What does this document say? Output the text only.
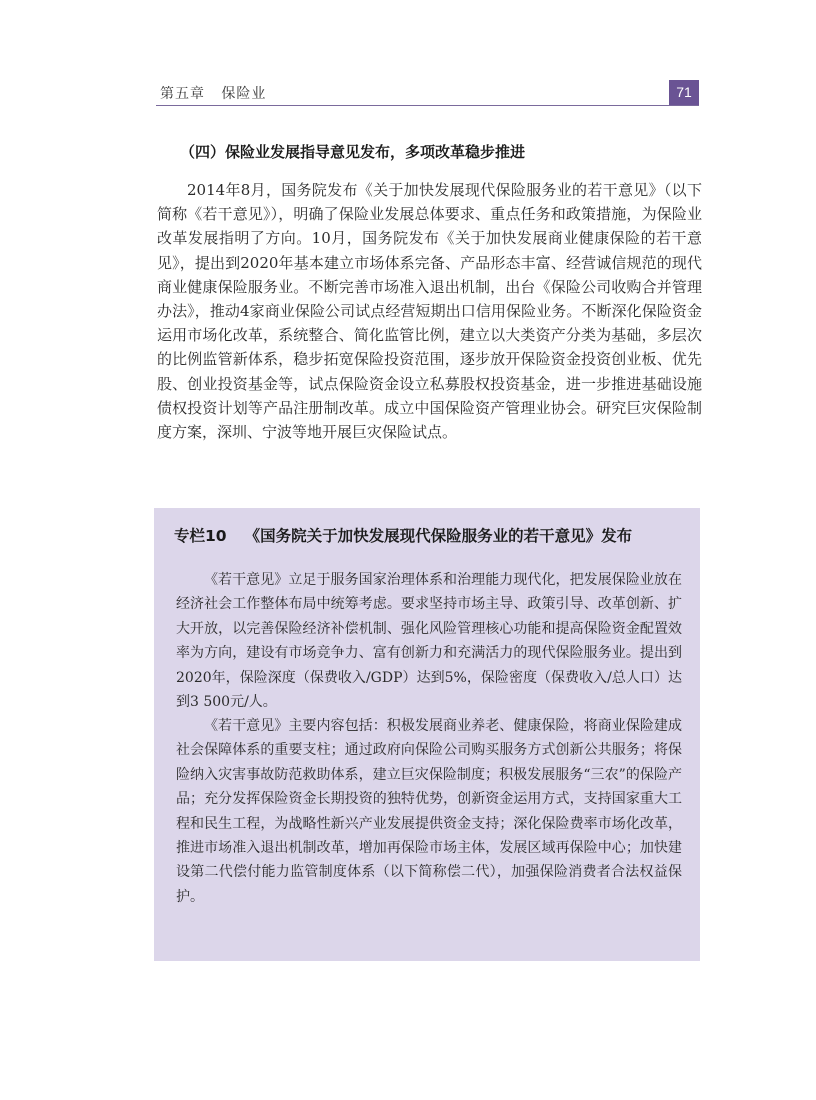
第五章   保险业	71
（四）保险业发展指导意见发布，多项改革稳步推进

2014年8月，国务院发布《关于加快发展现代保险服务业的若干意见》（以下简称《若干意见》），明确了保险业发展总体要求、重点任务和政策措施，为保险业改革发展指明了方向。10月，国务院发布《关于加快发展商业健康保险的若干意见》，提出到2020年基本建立市场体系完备、产品形态丰富、经营诚信规范的现代商业健康保险服务业。不断完善市场准入退出机制，出台《保险公司收购合并管理办法》，推动4家商业保险公司试点经营短期出口信用保险业务。不断深化保险资金运用市场化改革，系统整合、简化监管比例，建立以大类资产分类为基础，多层次的比例监管新体系，稳步拓宽保险投资范围，逐步放开保险资金投资创业板、优先股、创业投资基金等，试点保险资金设立私募股权投资基金，进一步推进基础设施债权投资计划等产品注册制改革。成立中国保险资产管理业协会。研究巨灾保险制度方案，深圳、宁波等地开展巨灾保险试点。

专栏10 《国务院关于加快发展现代保险服务业的若干意见》发布

《若干意见》立足于服务国家治理体系和治理能力现代化，把发展保险业放在经济社会工作整体布局中统筹考虑。要求坚持市场主导、政策引导、改革创新、扩大开放，以完善保险经济补偿机制、强化风险管理核心功能和提高保险资金配置效率为方向，建设有市场竞争力、富有创新力和充满活力的现代保险服务业。提出到2020年，保险深度（保费收入/GDP）达到5%，保险密度（保费收入/总人口）达到3 500元/人。

《若干意见》主要内容包括：积极发展商业养老、健康保险，将商业保险建成社会保障体系的重要支柱；通过政府向保险公司购买服务方式创新公共服务；将保险纳入灾害事故防范救助体系，建立巨灾保险制度；积极发展服务“三农”的保险产品；充分发挥保险资金长期投资的独特优势，创新资金运用方式，支持国家重大工程和民生工程，为战略性新兴产业发展提供资金支持；深化保险费率市场化改革，推进市场准入退出机制改革，增加再保险市场主体，发展区域再保险中心；加快建设第二代偿付能力监管制度体系（以下简称偿二代），加强保险消费者合法权益保护。
